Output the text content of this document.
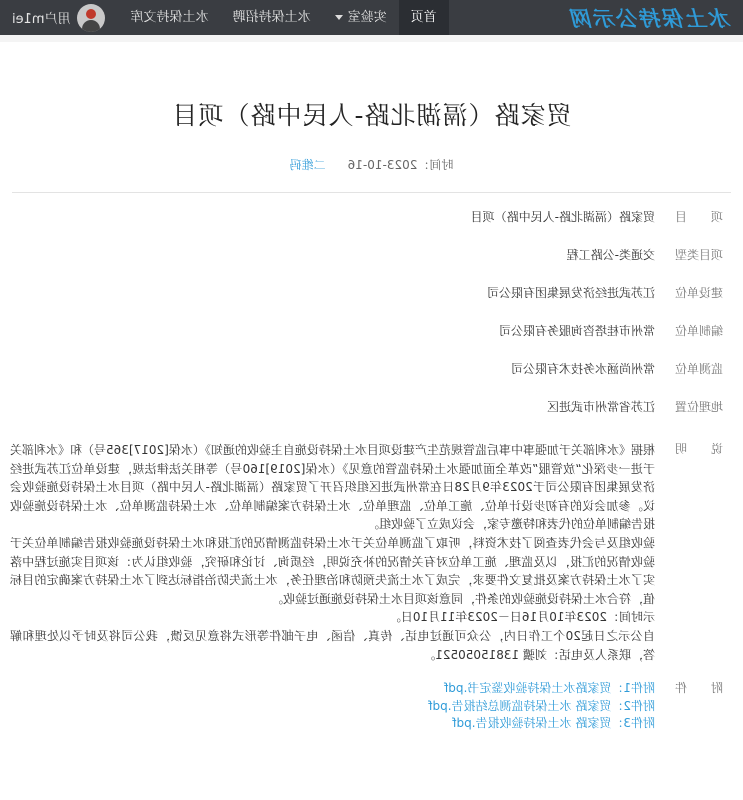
水土保持公示网
首页
实验室
水土保持招聘
水土保持文库
用户m1ei
贸家路（滆湖北路-人民中路）项目
时间：2023-10-16二维码
项目
贸家路（滆湖北路-人民中路）项目
项目类型
交通类-公路工程
建设单位
江苏武进经济发展集团有限公司
编制单位
常州市桂塔咨询服务有限公司
监测单位
常州尚涵水务技术有限公司
地理位置
江苏省常州市武进区
说明

根据《水利部关于加强事中事后监管规范生产建设项目水土保持设施自主验收的通知》（水保[2017]365号）和《水利部关于进一步深化“放管服”改革全面加强水土保持监管的意见》（水保[2019]160号）等相关法律法规，建设单位江苏武进经济发展集团有限公司于2023年9月28日在常州武进区组织召开了贸家路（滆湖北路-人民中路）项目水土保持设施验收会议。参加会议的有初步设计单位、施工单位、监理单位、水土保持方案编制单位、水土保持监测单位、水土保持设施验收报告编制单位的代表和特邀专家，会议成立了验收组。

验收组及与会代表查阅了技术资料，听取了监测单位关于水土保持监测情况的汇报和水土保持设施验收报告编制单位关于验收情况的汇报，以及监理、施工单位对有关情况的补充说明，经质询、讨论和研究，验收组认为：该项目实施过程中落实了水土保持方案及批复文件要求，完成了水土流失预防和治理任务，水土流失防治指标达到了水土保持方案确定的目标值，符合水土保持设施验收的条件，同意该项目水土保持设施通过验收。

示时间：2023年10月16日－2023年11月10日。

自公示之日起20个工作日内，公众可通过电话、传真、信函、电子邮件等形式将意见反馈，我公司将及时予以处理和解答，联系人及电话：刘骥 13815050521。

附件
附件1：贸家路水土保持验收鉴定书.pdf
附件2：贸家路 水土保持监测总结报告.pdf
附件3：贸家路 水土保持验收报告.pdf
